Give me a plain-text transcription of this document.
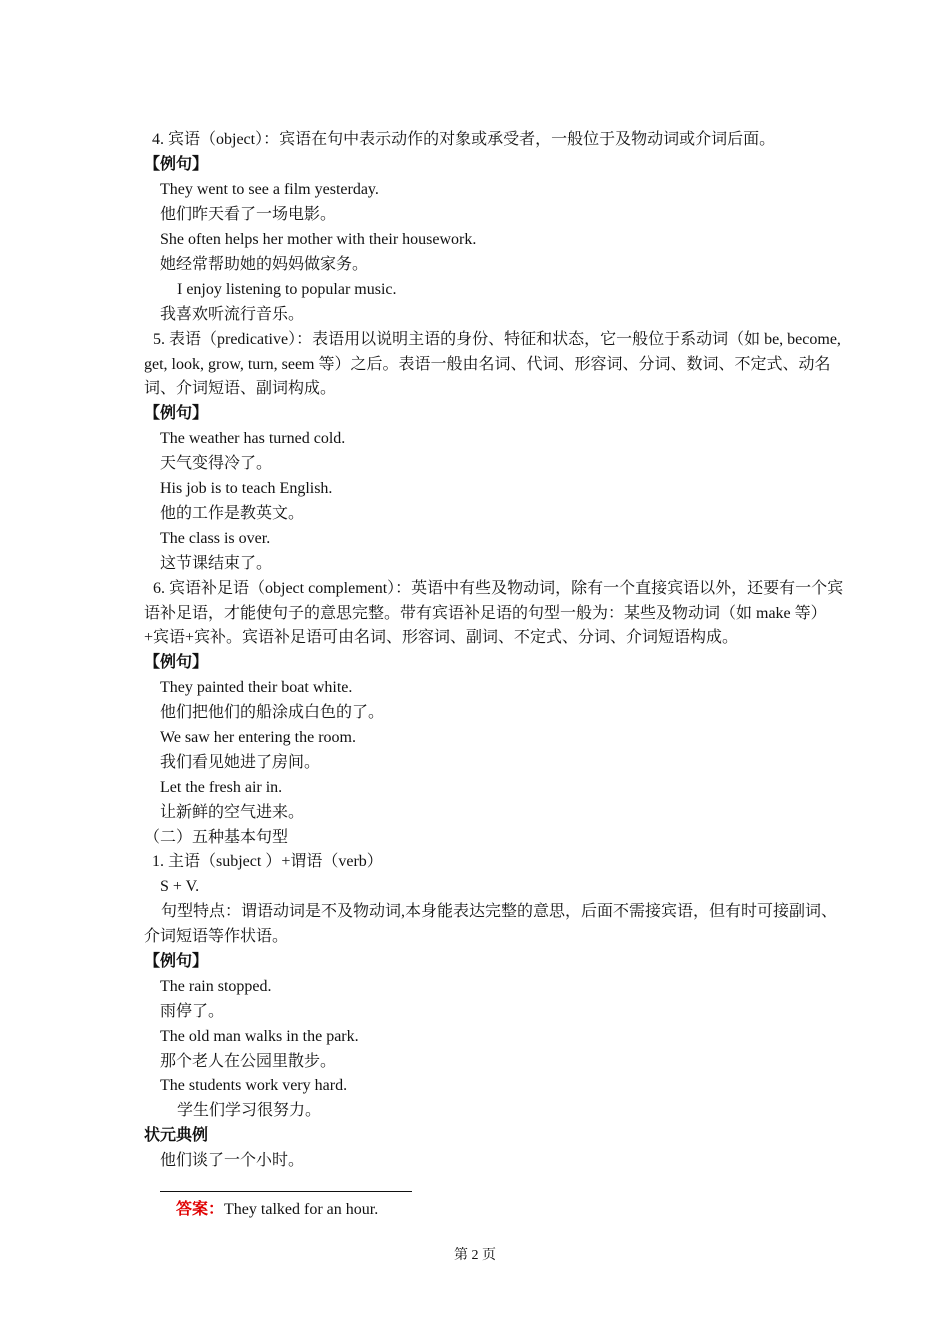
4. 宾语（object）：宾语在句中表示动作的对象或承受者，一般位于及物动词或介词后面。
【例句】
They went to see a film yesterday.
他们昨天看了一场电影。
She often helps her mother with their housework.
她经常帮助她的妈妈做家务。
I enjoy listening to popular music.
我喜欢听流行音乐。
5. 表语（predicative）：表语用以说明主语的身份、特征和状态，它一般位于系动词（如 be, become, get, look, grow, turn, seem 等）之后。表语一般由名词、代词、形容词、分词、数词、不定式、动名词、介词短语、副词构成。
【例句】
The weather has turned cold.
天气变得冷了。
His job is to teach English.
他的工作是教英文。
The class is over.
这节课结束了。
6. 宾语补足语（object complement）：英语中有些及物动词，除有一个直接宾语以外，还要有一个宾语补足语，才能使句子的意思完整。带有宾语补足语的句型一般为：某些及物动词（如 make 等）+宾语+宾补。宾语补足语可由名词、形容词、副词、不定式、分词、介词短语构成。
【例句】
They painted their boat white.
他们把他们的船涂成白色的了。
We saw her entering the room.
我们看见她进了房间。
Let the fresh air in.
让新鲜的空气进来。
（二）五种基本句型
1. 主语（subject ）+谓语（verb）
S + V.
句型特点：谓语动词是不及物动词,本身能表达完整的意思，后面不需接宾语，但有时可接副词、介词短语等作状语。
【例句】
The rain stopped.
雨停了。
The old man walks in the park.
那个老人在公园里散步。
The students work very hard.
学生们学习很努力。
状元典例
他们谈了一个小时。
答案：They talked for an hour.
第 2 页
